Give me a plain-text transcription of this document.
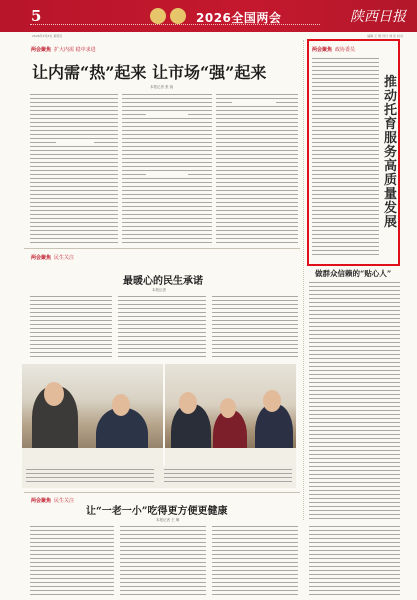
5	2026全国两会	陕西日报
2026年3月8日 星期日	编辑 王 维 设计 刘 佳 校对
两会聚焦 扩大内需 稳中求进
让内需“热”起来 让市场“强”起来
本报记者 张 韵
两会聚焦 政协委员
推动托育服务高质量发展
做群众信赖的“贴心人”
两会聚焦 民生关注
最暖心的民生承诺
本报记者
两会聚焦 民生关注
让“一老一小”吃得更方便更健康
本报记者 王 琳
